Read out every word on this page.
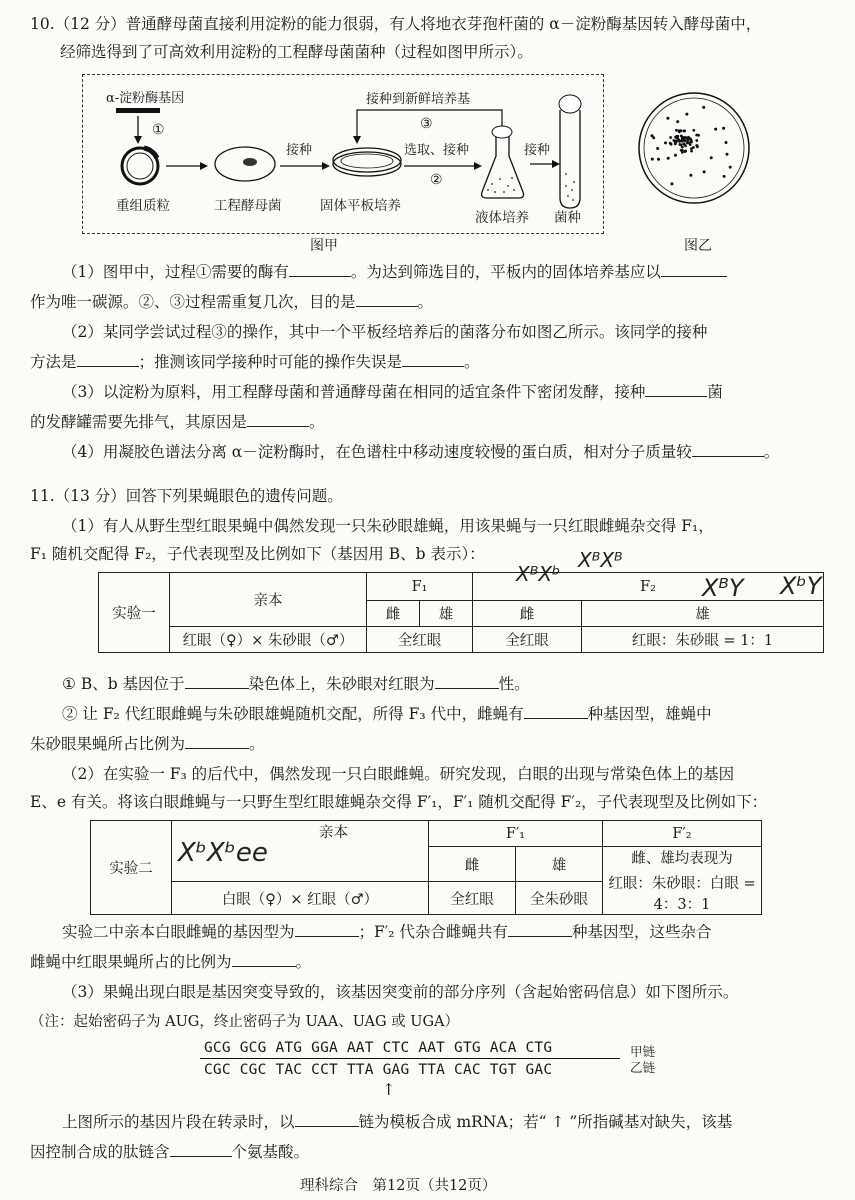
10.（12 分）普通酵母菌直接利用淀粉的能力很弱，有人将地衣芽孢杆菌的 α－淀粉酶基因转入酵母菌中，
经筛选得到了可高效利用淀粉的工程酵母菌菌种（过程如图甲所示）。
α-淀粉酶基因
①
接种
接种到新鲜培养基
③
选取、接种
②
接种
重组质粒	工程酵母菌	固体平板培养
液体培养 菌种
图甲	图乙
（1）图甲中，过程①需要的酶有	。为达到筛选目的，平板内的固体培养基应以
作为唯一碳源。②、③过程需重复几次，目的是	。
（2）某同学尝试过程③的操作，其中一个平板经培养后的菌落分布如图乙所示。该同学的接种
方法是	；推测该同学接种时可能的操作失误是	。
（3）以淀粉为原料，用工程酵母菌和普通酵母菌在相同的适宜条件下密闭发酵，接种	菌
的发酵罐需要先排气，其原因是	。
（4）用凝胶色谱法分离 α－淀粉酶时，在色谱柱中移动速度较慢的蛋白质，相对分子质量较	。
11.（13 分）回答下列果蝇眼色的遗传问题。
（1）有人从野生型红眼果蝇中偶然发现一只朱砂眼雄蝇，用该果蝇与一只红眼雌蝇杂交得 F₁，
F₁ 随机交配得 F₂，子代表现型及比例如下（基因用 B、b 表示）：
实验一	亲本	F₁		F₂	
		雌	雄	雌	雄
	红眼（♀）× 朱砂眼（♂）	全红眼		全红眼	红眼：朱砂眼 = 1：1
XᴮXᵇ
XᴮXᴮ
XᴮY XᵇY
① B、b 基因位于	染色体上，朱砂眼对红眼为	性。
② 让 F₂ 代红眼雌蝇与朱砂眼雄蝇随机交配，所得 F₃ 代中，雌蝇有	种基因型，雄蝇中
朱砂眼果蝇所占比例为	。
（2）在实验一 F₃ 的后代中，偶然发现一只白眼雌蝇。研究发现，白眼的出现与常染色体上的基因
E、e 有关。将该白眼雌蝇与一只野生型红眼雄蝇杂交得 F′₁，F′₁ 随机交配得 F′₂，子代表现型及比例如下：
实验二	亲本	F′₁		F′₂
		雌	雄	雌、雄均表现为
红眼：朱砂眼：白眼 = 4：3：1

	白眼（♀）× 红眼（♂）	全红眼	全朱砂眼	
XᵇXᵇee
实验二中亲本白眼雌蝇的基因型为	；F′₂ 代杂合雌蝇共有	种基因型，这些杂合
雌蝇中红眼果蝇所占的比例为	。
（3）果蝇出现白眼是基因突变导致的，该基因突变前的部分序列（含起始密码信息）如下图所示。
（注：起始密码子为 AUG，终止密码子为 UAA、UAG 或 UGA）
GCG GCG ATG GGA AAT CTC AAT GTG ACA CTG
CGC CGC TAC CCT TTA GAG TTA CAC TGT GAC
甲链
乙链
↑
上图所示的基因片段在转录时，以	链为模板合成 mRNA；若“ ↑ ”所指碱基对缺失，该基
因控制合成的肽链含	个氨基酸。
理科综合　第12页（共12页）
